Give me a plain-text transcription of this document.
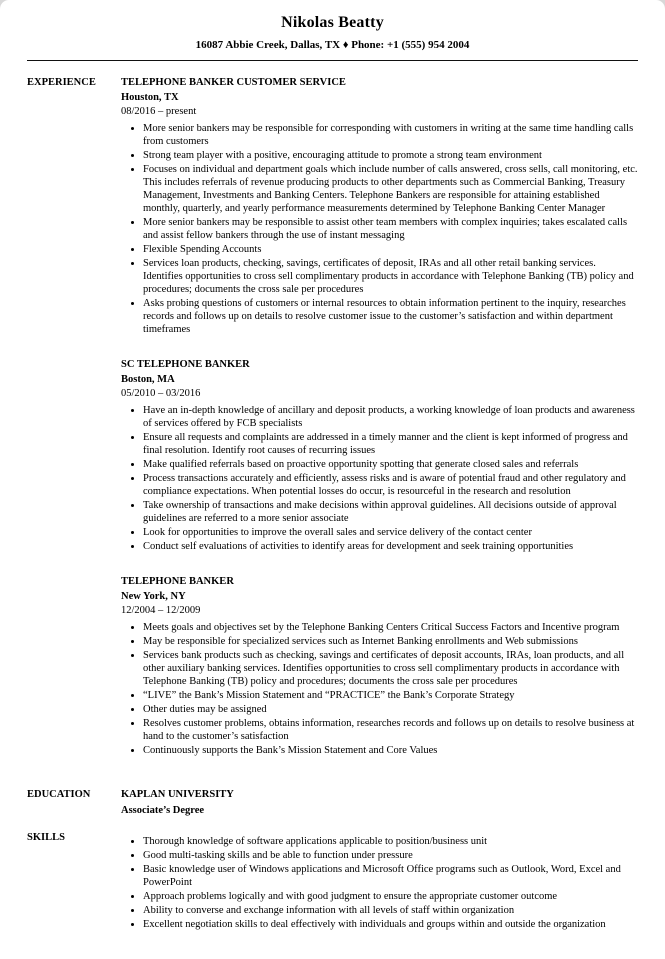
Nikolas Beatty
16087 Abbie Creek, Dallas, TX ♦ Phone: +1 (555) 954 2004
EXPERIENCE	TELEPHONE BANKER CUSTOMER SERVICE
Houston, TX
08/2016 – present
• More senior bankers may be responsible for corresponding with customers in writing at the same time handling calls from customers
• Strong team player with a positive, encouraging attitude to promote a strong team environment
• Focuses on individual and department goals which include number of calls answered, cross sells, call monitoring, etc. This includes referrals of revenue producing products to other departments such as Commercial Banking, Treasury Management, Investments and Banking Centers. Telephone Bankers are responsible for attaining established monthly, quarterly, and yearly performance measurements determined by Telephone Banking Center Manager
• More senior bankers may be responsible to assist other team members with complex inquiries; takes escalated calls and assist fellow bankers through the use of instant messaging
• Flexible Spending Accounts
• Services loan products, checking, savings, certificates of deposit, IRAs and all other retail banking services. Identifies opportunities to cross sell complimentary products in accordance with Telephone Banking (TB) policy and procedures; documents the cross sale per procedures
• Asks probing questions of customers or internal resources to obtain information pertinent to the inquiry, researches records and follows up on details to resolve customer issue to the customer’s satisfaction and within department timeframes
SC TELEPHONE BANKER
Boston, MA
05/2010 – 03/2016
• Have an in-depth knowledge of ancillary and deposit products, a working knowledge of loan products and awareness of services offered by FCB specialists
• Ensure all requests and complaints are addressed in a timely manner and the client is kept informed of progress and final resolution. Identify root causes of recurring issues
• Make qualified referrals based on proactive opportunity spotting that generate closed sales and referrals
• Process transactions accurately and efficiently, assess risks and is aware of potential fraud and other regulatory and compliance expectations. When potential losses do occur, is resourceful in the research and resolution
• Take ownership of transactions and make decisions within approval guidelines. All decisions outside of approval guidelines are referred to a more senior associate
• Look for opportunities to improve the overall sales and service delivery of the contact center
• Conduct self evaluations of activities to identify areas for development and seek training opportunities
TELEPHONE BANKER
New York, NY
12/2004 – 12/2009
• Meets goals and objectives set by the Telephone Banking Centers Critical Success Factors and Incentive program
• May be responsible for specialized services such as Internet Banking enrollments and Web submissions
• Services bank products such as checking, savings and certificates of deposit accounts, IRAs, loan products, and all other auxiliary banking services. Identifies opportunities to cross sell complimentary products in accordance with Telephone Banking (TB) policy and procedures; documents the cross sale per procedures
• “LIVE” the Bank’s Mission Statement and “PRACTICE” the Bank’s Corporate Strategy
• Other duties may be assigned
• Resolves customer problems, obtains information, researches records and follows up on details to resolve business at hand to the customer’s satisfaction
• Continuously supports the Bank’s Mission Statement and Core Values
EDUCATION	KAPLAN UNIVERSITY
Associate’s Degree
SKILLS	• Thorough knowledge of software applications applicable to position/business unit
• Good multi-tasking skills and be able to function under pressure
• Basic knowledge user of Windows applications and Microsoft Office programs such as Outlook, Word, Excel and PowerPoint
• Approach problems logically and with good judgment to ensure the appropriate customer outcome
• Ability to converse and exchange information with all levels of staff within organization
• Excellent negotiation skills to deal effectively with individuals and groups within and outside the organization
